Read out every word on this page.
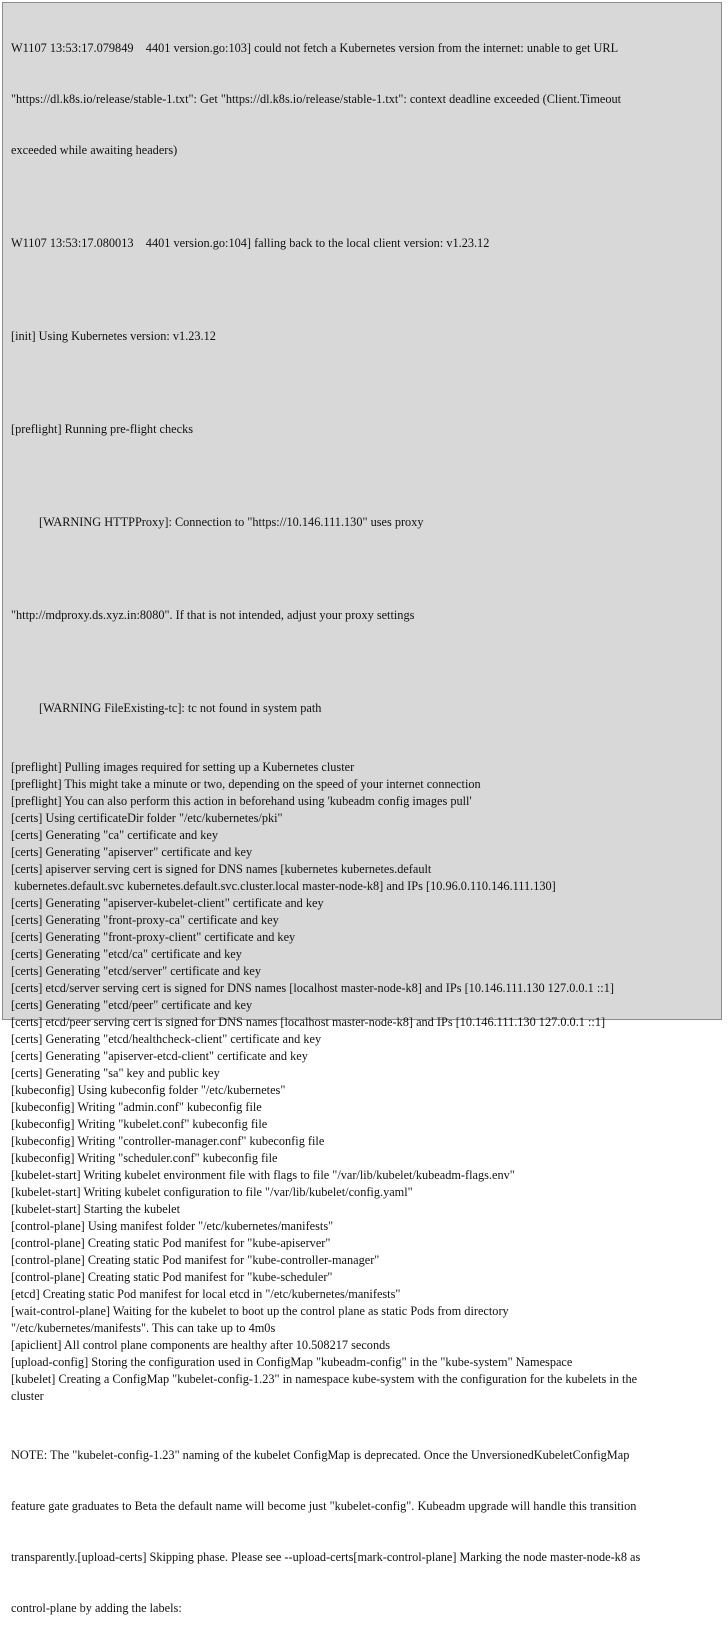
W1107 13:53:17.079849    4401 version.go:103] could not fetch a Kubernetes version from the internet: unable to get URL

"https://dl.k8s.io/release/stable-1.txt": Get "https://dl.k8s.io/release/stable-1.txt": context deadline exceeded (Client.Timeout

exceeded while awaiting headers)

W1107 13:53:17.080013    4401 version.go:104] falling back to the local client version: v1.23.12

[init] Using Kubernetes version: v1.23.12

[preflight] Running pre-flight checks

[WARNING HTTPProxy]: Connection to "https://10.146.111.130" uses proxy

"http://mdproxy.ds.xyz.in:8080". If that is not intended, adjust your proxy settings

[WARNING FileExisting-tc]: tc not found in system path

[preflight] Pulling images required for setting up a Kubernetes cluster
[preflight] This might take a minute or two, depending on the speed of your internet connection
[preflight] You can also perform this action in beforehand using 'kubeadm config images pull'
[certs] Using certificateDir folder "/etc/kubernetes/pki"
[certs] Generating "ca" certificate and key
[certs] Generating "apiserver" certificate and key
[certs] apiserver serving cert is signed for DNS names [kubernetes kubernetes.default
kubernetes.default.svc kubernetes.default.svc.cluster.local master-node-k8] and IPs [10.96.0.110.146.111.130]
[certs] Generating "apiserver-kubelet-client" certificate and key
[certs] Generating "front-proxy-ca" certificate and key
[certs] Generating "front-proxy-client" certificate and key
[certs] Generating "etcd/ca" certificate and key
[certs] Generating "etcd/server" certificate and key
[certs] etcd/server serving cert is signed for DNS names [localhost master-node-k8] and IPs [10.146.111.130 127.0.0.1 ::1]
[certs] Generating "etcd/peer" certificate and key
[certs] etcd/peer serving cert is signed for DNS names [localhost master-node-k8] and IPs [10.146.111.130 127.0.0.1 ::1]
[certs] Generating "etcd/healthcheck-client" certificate and key
[certs] Generating "apiserver-etcd-client" certificate and key
[certs] Generating "sa" key and public key
[kubeconfig] Using kubeconfig folder "/etc/kubernetes"
[kubeconfig] Writing "admin.conf" kubeconfig file
[kubeconfig] Writing "kubelet.conf" kubeconfig file
[kubeconfig] Writing "controller-manager.conf" kubeconfig file
[kubeconfig] Writing "scheduler.conf" kubeconfig file
[kubelet-start] Writing kubelet environment file with flags to file "/var/lib/kubelet/kubeadm-flags.env"
[kubelet-start] Writing kubelet configuration to file "/var/lib/kubelet/config.yaml"
[kubelet-start] Starting the kubelet
[control-plane] Using manifest folder "/etc/kubernetes/manifests"
[control-plane] Creating static Pod manifest for "kube-apiserver"
[control-plane] Creating static Pod manifest for "kube-controller-manager"
[control-plane] Creating static Pod manifest for "kube-scheduler"
[etcd] Creating static Pod manifest for local etcd in "/etc/kubernetes/manifests"
[wait-control-plane] Waiting for the kubelet to boot up the control plane as static Pods from directory
"/etc/kubernetes/manifests". This can take up to 4m0s
[apiclient] All control plane components are healthy after 10.508217 seconds
[upload-config] Storing the configuration used in ConfigMap "kubeadm-config" in the "kube-system" Namespace
[kubelet] Creating a ConfigMap "kubelet-config-1.23" in namespace kube-system with the configuration for the kubelets in the
cluster

NOTE: The "kubelet-config-1.23" naming of the kubelet ConfigMap is deprecated. Once the UnversionedKubeletConfigMap

feature gate graduates to Beta the default name will become just "kubelet-config". Kubeadm upgrade will handle this transition

transparently.[upload-certs] Skipping phase. Please see --upload-certs[mark-control-plane] Marking the node master-node-k8 as

control-plane by adding the labels:
